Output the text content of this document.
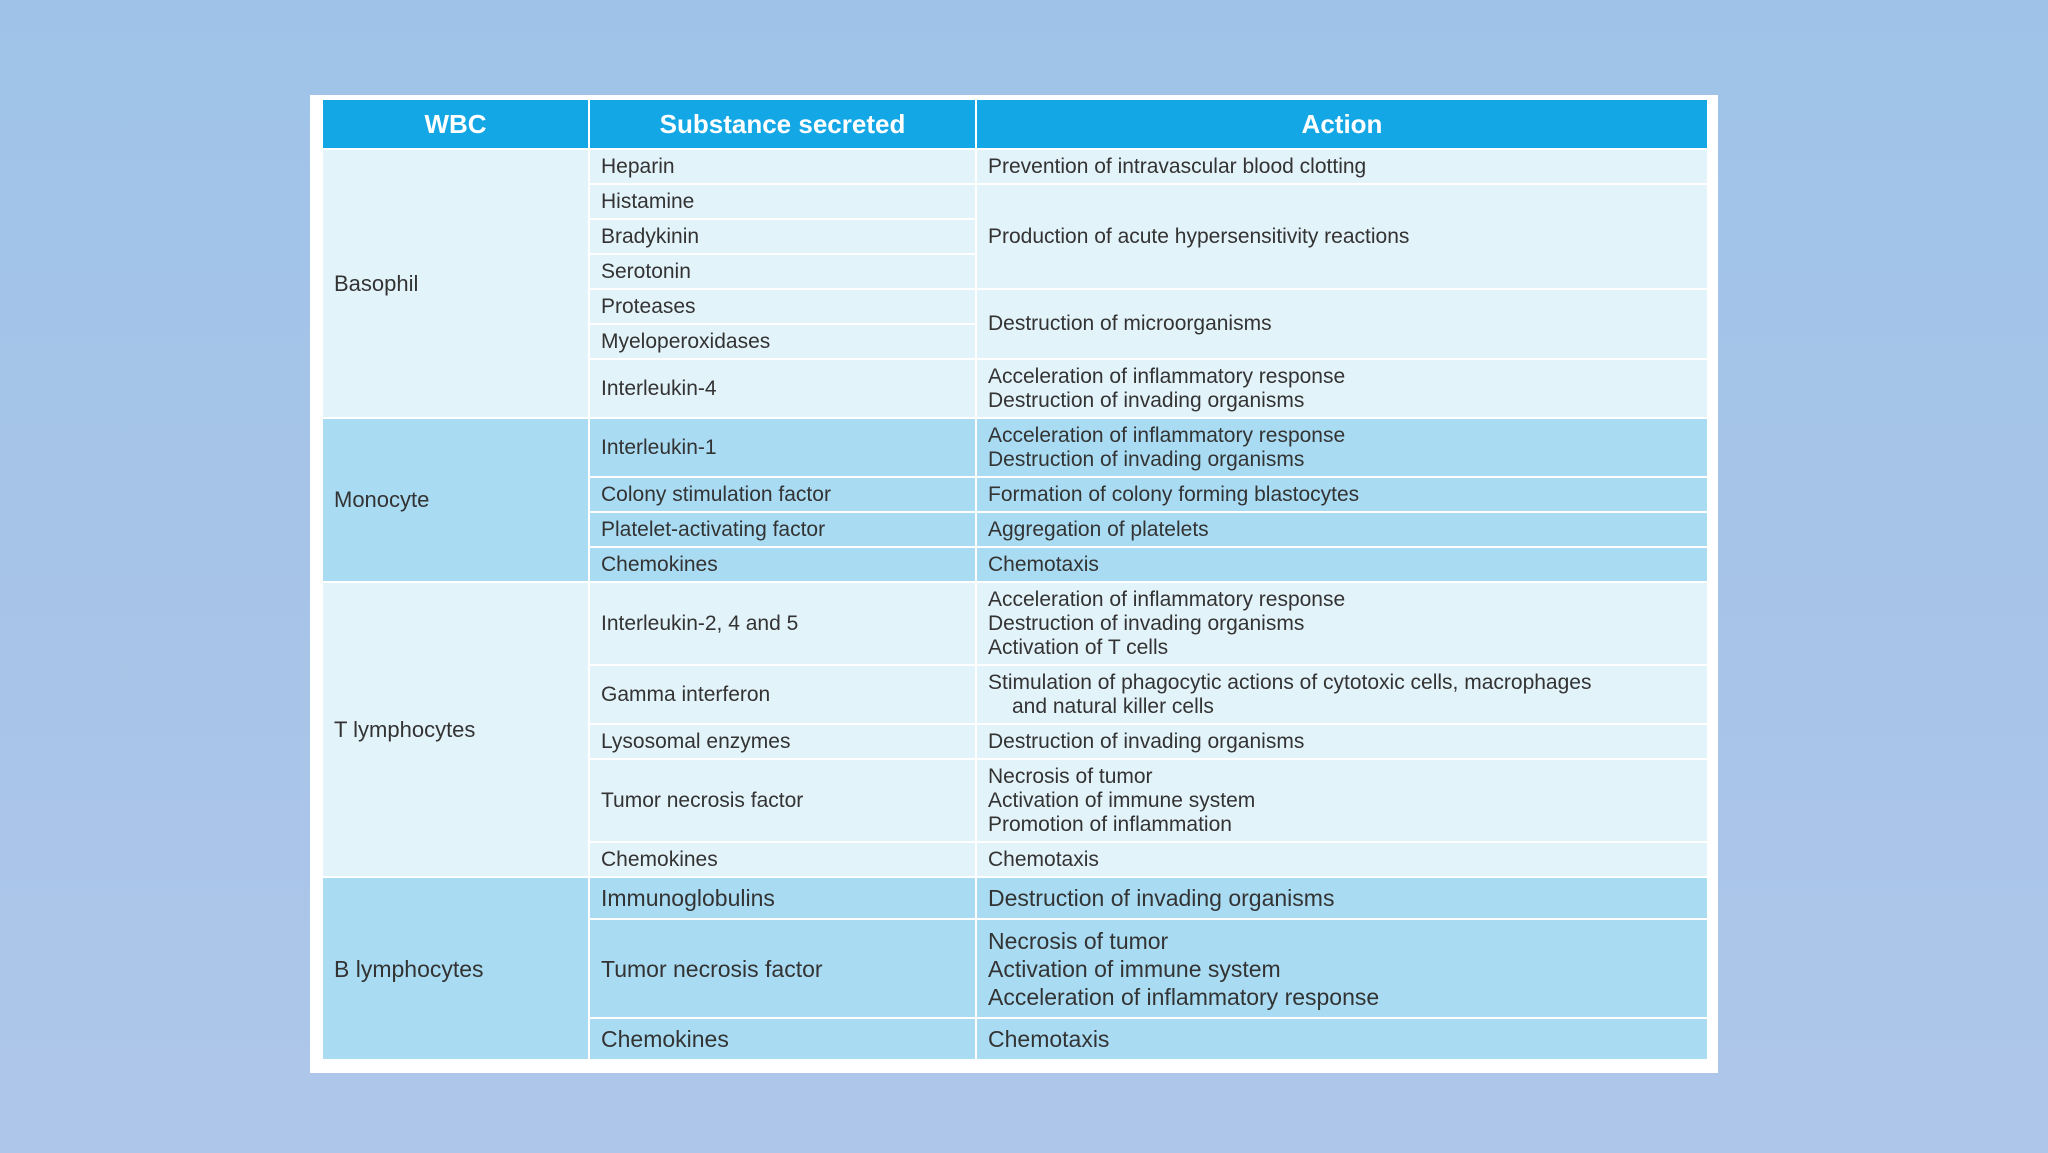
WBC	Substance secreted	Action
Basophil	Heparin	Prevention of intravascular blood clotting
	Histamine	Production of acute hypersensitivity reactions
	Bradykinin	
	Serotonin	
	Proteases	Destruction of microorganisms
	Myeloperoxidases	
	Interleukin-4	Acceleration of inflammatory response
Destruction of invading organisms
Monocyte	Interleukin-1	Acceleration of inflammatory response
Destruction of invading organisms
	Colony stimulation factor	Formation of colony forming blastocytes
	Platelet-activating factor	Aggregation of platelets
	Chemokines	Chemotaxis
T lymphocytes	Interleukin-2, 4 and 5	Acceleration of inflammatory response
Destruction of invading organisms
Activation of T cells
	Gamma interferon	Stimulation of phagocytic actions of cytotoxic cells, macrophages
and natural killer cells

	Lysosomal enzymes	Destruction of invading organisms
	Tumor necrosis factor	Necrosis of tumor
Activation of immune system
Promotion of inflammation
	Chemokines	Chemotaxis
B lymphocytes	Immunoglobulins	Destruction of invading organisms
	Tumor necrosis factor	Necrosis of tumor
Activation of immune system
Acceleration of inflammatory response
	Chemokines	Chemotaxis
